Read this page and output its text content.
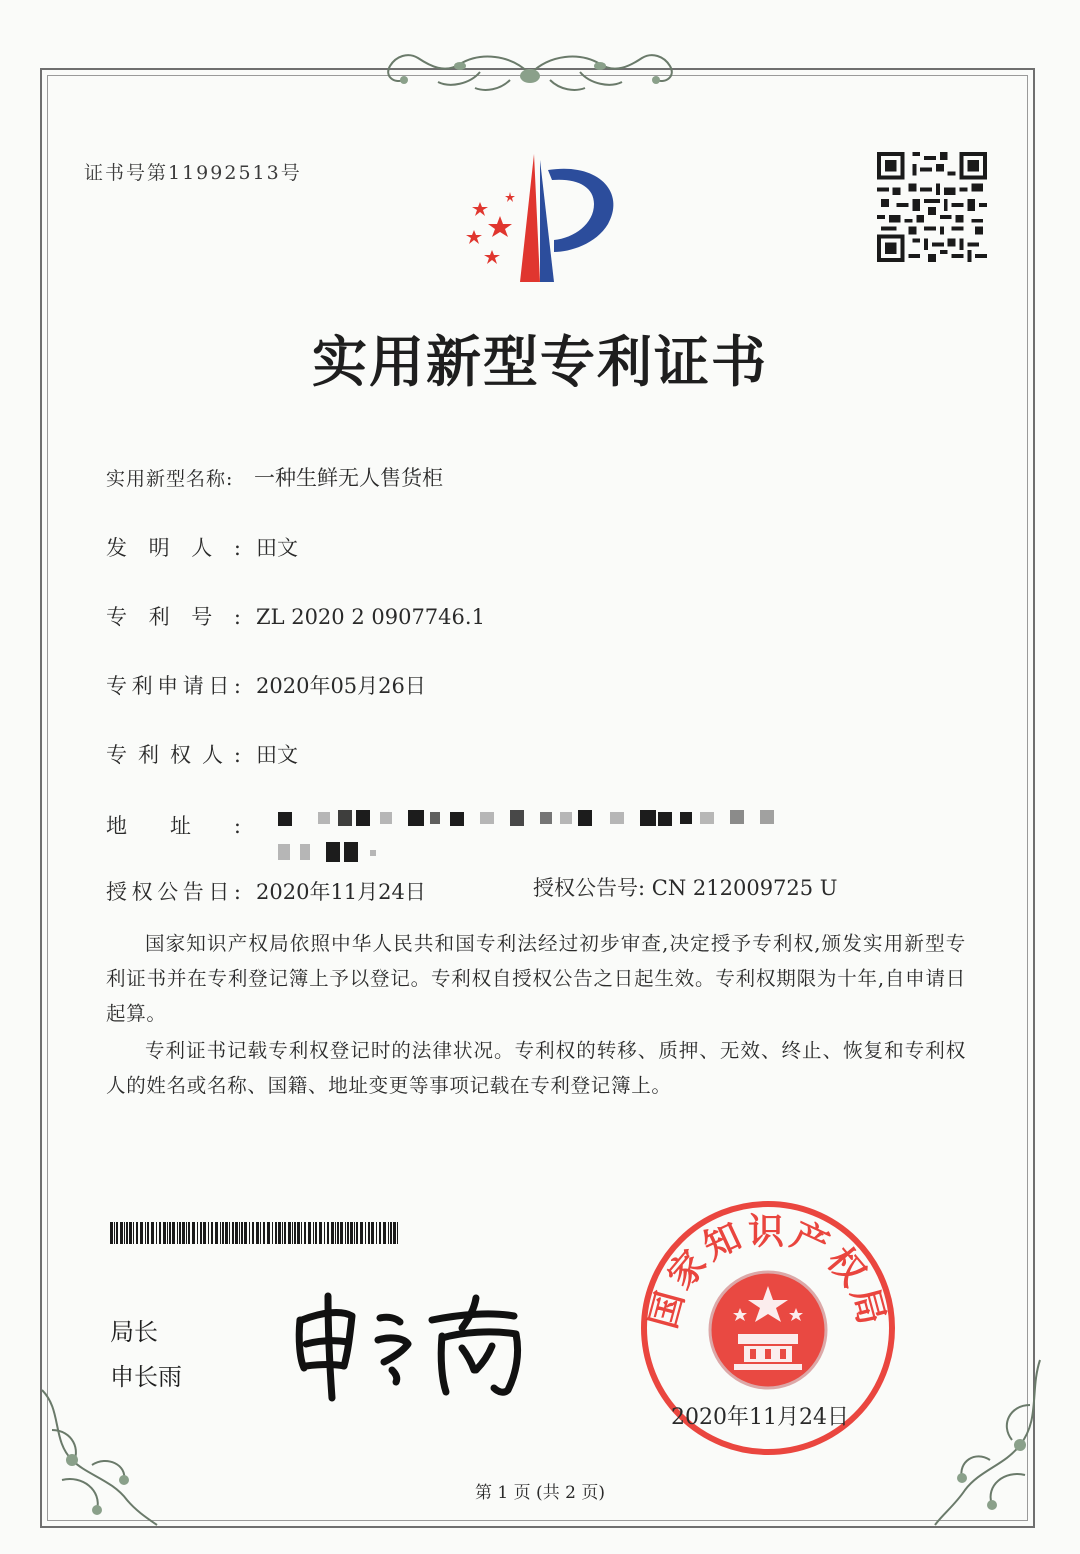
证书号第11992513号
实用新型专利证书
实用新型名称: 一种生鲜无人售货柜
发明人: 田文
专利号: ZL 2020 2 0907746.1
专利申请日: 2020年05月26日
专利权人: 田文
地址:
授权公告日: 2020年11月24日	授权公告号: CN 212009725 U

国家知识产权局依照中华人民共和国专利法经过初步审查,决定授予专利权,颁发实用新型专利证书并在专利登记簿上予以登记。专利权自授权公告之日起生效。专利权期限为十年,自申请日起算。

专利证书记载专利权登记时的法律状况。专利权的转移、质押、无效、终止、恢复和专利权人的姓名或名称、国籍、地址变更等事项记载在专利登记簿上。

局长
申长雨
国家知识产权局
2020年11月24日
第 1 页 (共 2 页)
